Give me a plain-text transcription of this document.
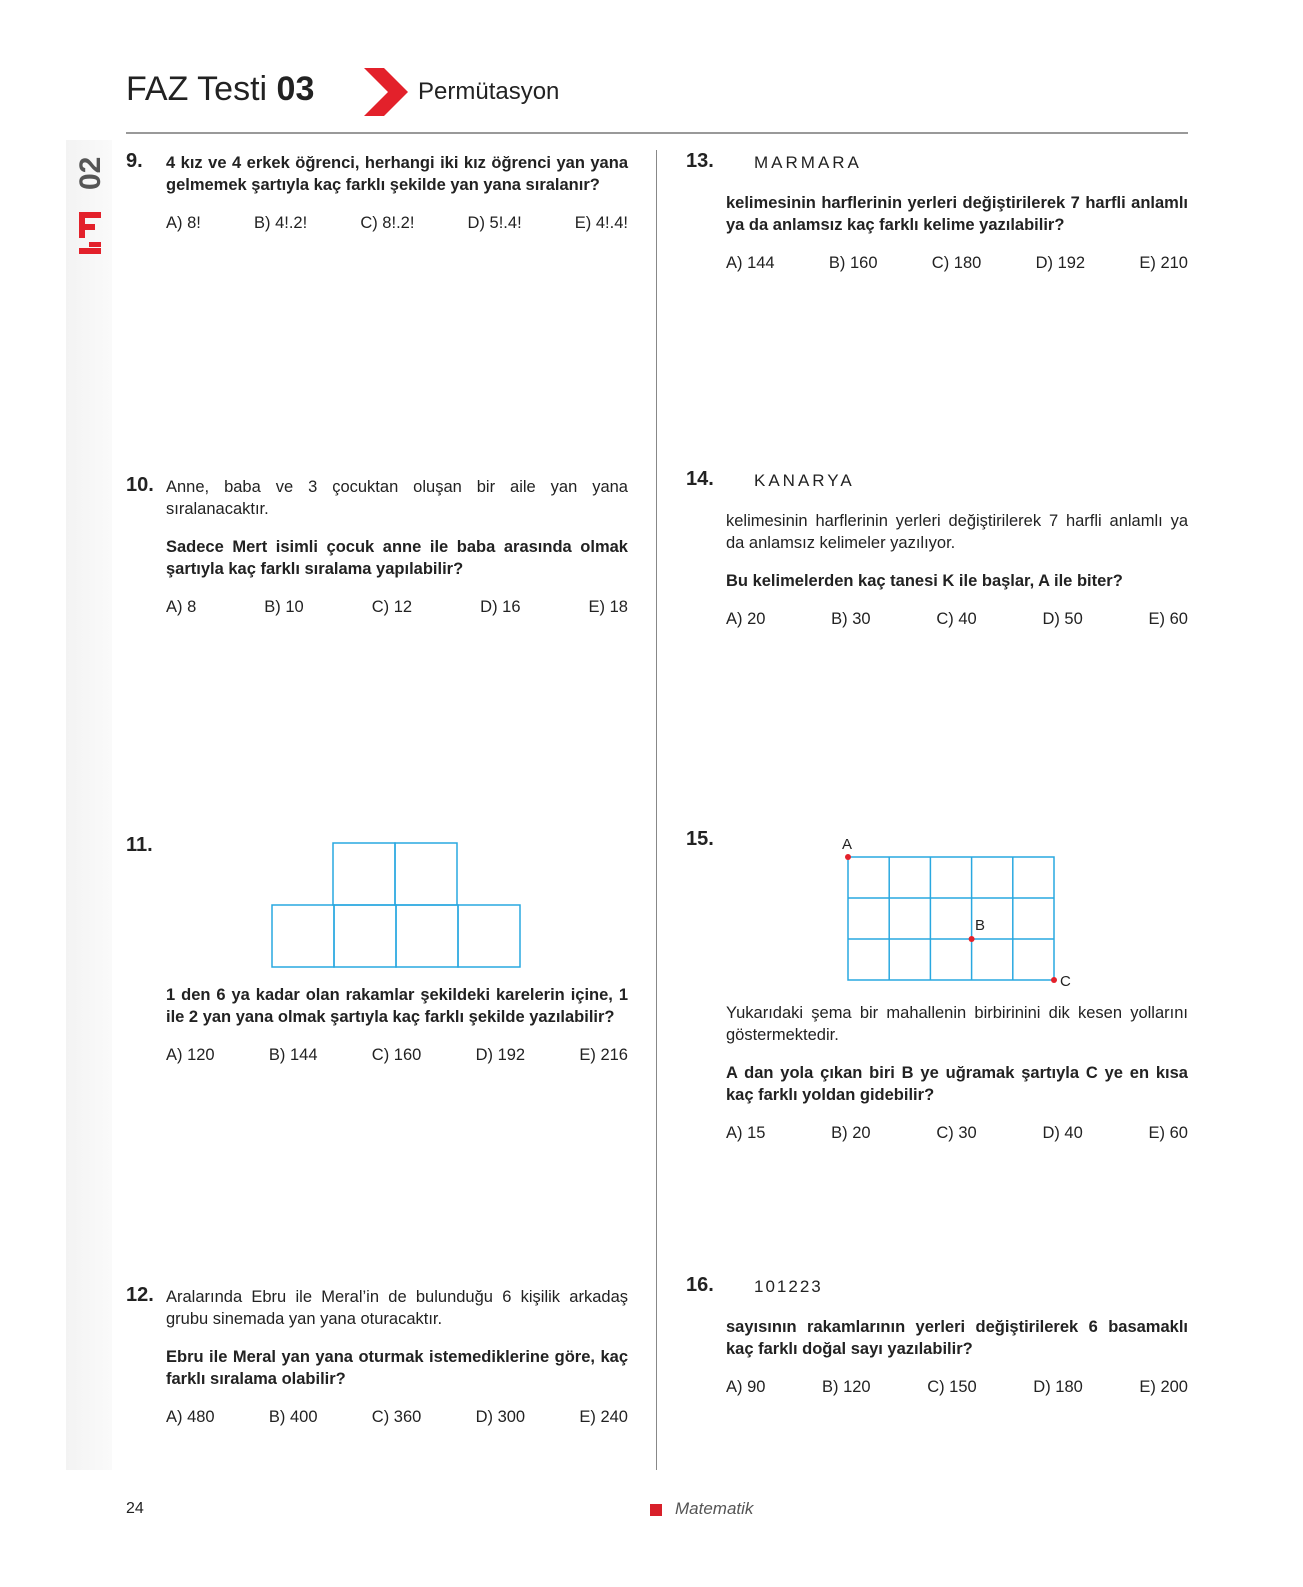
FAZ Testi 03	Permütasyon
02 9. 4 kız ve 4 erkek öğrenci, herhangi iki kız öğrenci yan yana gelmemek şartıyla kaç farklı şekilde yan yana sıralanır?

A) 8!	B) 4!.2!	C) 8!.2!	D) 5!.4!	E) 4!.4!
10. Anne, baba ve 3 çocuktan oluşan bir aile yan yana sıralanacaktır.

Sadece Mert isimli çocuk anne ile baba arasında olmak şartıyla kaç farklı sıralama yapılabilir?

A) 8	B) 10	C) 12	D) 16	E) 18
11.

1 den 6 ya kadar olan rakamlar şekildeki karelerin içine, 1 ile 2 yan yana olmak şartıyla kaç farklı şekilde yazılabilir?

A) 120	B) 144	C) 160	D) 192	E) 216
12. Aralarında Ebru ile Meral’in de bulunduğu 6 kişilik arkadaş grubu sinemada yan yana oturacaktır.

Ebru ile Meral yan yana oturmak istemediklerine göre, kaç farklı sıralama olabilir?

A) 480	B) 400	C) 360	D) 300	E) 240
13. MARMARA

kelimesinin harflerinin yerleri değiştirilerek 7 harfli anlamlı ya da anlamsız kaç farklı kelime yazılabilir?

A) 144	B) 160	C) 180	D) 192	E) 210
14. KANARYA

kelimesinin harflerinin yerleri değiştirilerek 7 harfli anlamlı ya da anlamsız kelimeler yazılıyor.

Bu kelimelerden kaç tanesi K ile başlar, A ile biter?

A) 20	B) 30	C) 40	D) 50	E) 60
15.	A
B
C

Yukarıdaki şema bir mahallenin birbirinini dik kesen yollarını göstermektedir.

A dan yola çıkan biri B ye uğramak şartıyla C ye en kısa kaç farklı yoldan gidebilir?

A) 15	B) 20	C) 30	D) 40	E) 60
16. 101223

sayısının rakamlarının yerleri değiştirilerek 6 basamaklı kaç farklı doğal sayı yazılabilir?

A) 90	B) 120	C) 150	D) 180	E) 200
24	Matematik
